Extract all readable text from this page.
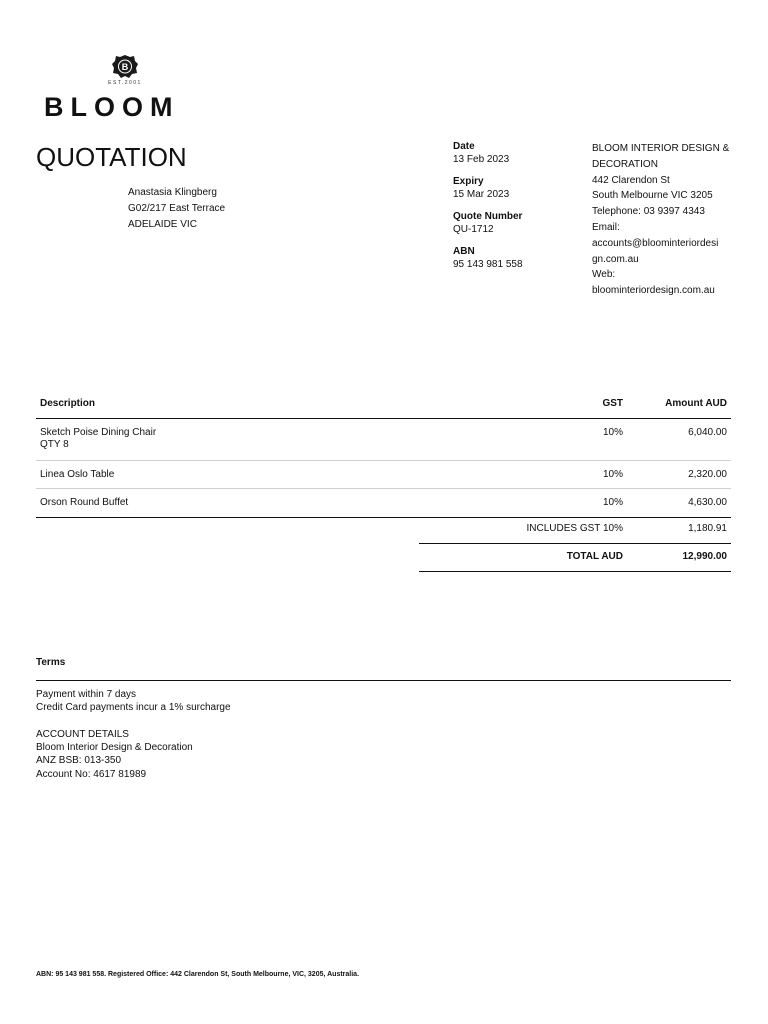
B
EST.2001
BLOOM
QUOTATION
Anastasia Klingberg
G02/217 East Terrace
ADELAIDE VIC
Date
13 Feb 2023
Expiry
15 Mar 2023
Quote Number
QU-1712
ABN
95 143 981 558
BLOOM INTERIOR DESIGN &
DECORATION
442 Clarendon St
South Melbourne VIC 3205
Telephone: 03 9397 4343
Email:
accounts@bloominteriordesi
gn.com.au
Web:
bloominteriordesign.com.au
Description	GST	Amount AUD
Sketch Poise Dining Chair
QTY 8
10%	6,040.00
Linea Oslo Table	10%	2,320.00
Orson Round Buffet	10%	4,630.00
INCLUDES GST 10%	1,180.91
TOTAL AUD	12,990.00
Terms
Payment within 7 days
Credit Card payments incur a 1% surcharge
ACCOUNT DETAILS
Bloom Interior Design & Decoration
ANZ BSB: 013-350
Account No: 4617 81989
ABN: 95 143 981 558. Registered Office: 442 Clarendon St, South Melbourne, VIC, 3205, Australia.
